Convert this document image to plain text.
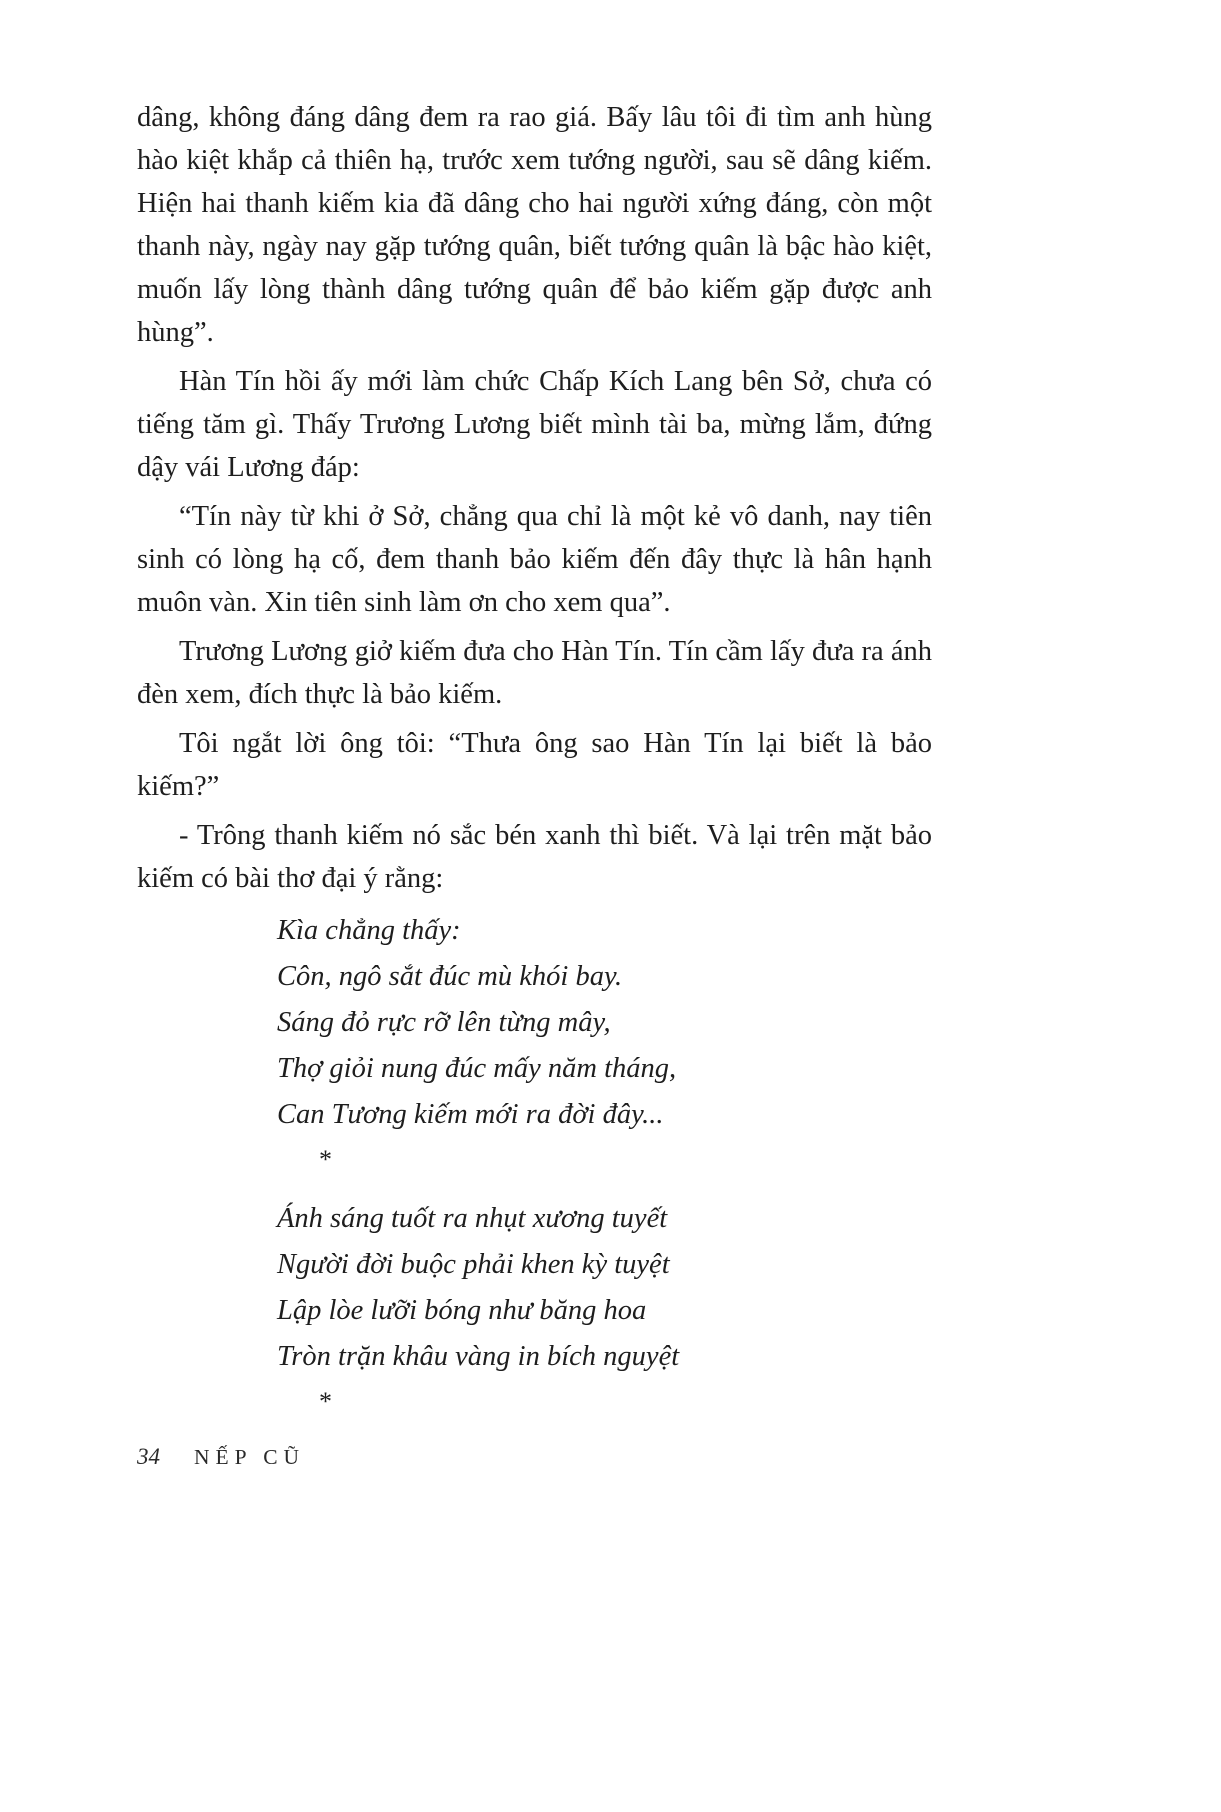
dâng, không đáng dâng đem ra rao giá. Bấy lâu tôi đi tìm anh hùng hào kiệt khắp cả thiên hạ, trước xem tướng người, sau sẽ dâng kiếm. Hiện hai thanh kiếm kia đã dâng cho hai người xứng đáng, còn một thanh này, ngày nay gặp tướng quân, biết tướng quân là bậc hào kiệt, muốn lấy lòng thành dâng tướng quân để bảo kiếm gặp được anh hùng”.

Hàn Tín hồi ấy mới làm chức Chấp Kích Lang bên Sở, chưa có tiếng tăm gì. Thấy Trương Lương biết mình tài ba, mừng lắm, đứng dậy vái Lương đáp:

“Tín này từ khi ở Sở, chẳng qua chỉ là một kẻ vô danh, nay tiên sinh có lòng hạ cố, đem thanh bảo kiếm đến đây thực là hân hạnh muôn vàn. Xin tiên sinh làm ơn cho xem qua”.

Trương Lương giở kiếm đưa cho Hàn Tín. Tín cầm lấy đưa ra ánh đèn xem, đích thực là bảo kiếm.

Tôi ngắt lời ông tôi: “Thưa ông sao Hàn Tín lại biết là bảo kiếm?”

- Trông thanh kiếm nó sắc bén xanh thì biết. Và lại trên mặt bảo kiếm có bài thơ đại ý rằng:

Kìa chẳng thấy:
Côn, ngô sắt đúc mù khói bay.
Sáng đỏ rực rỡ lên từng mây,
Thợ giỏi nung đúc mấy năm tháng,
Can Tương kiếm mới ra đời đây...
*
Ánh sáng tuốt ra nhụt xương tuyết
Người đời buộc phải khen kỳ tuyệt
Lập lòe lưỡi bóng như băng hoa
Tròn trặn khâu vàng in bích nguyệt
*
34 NẾP CŨ
